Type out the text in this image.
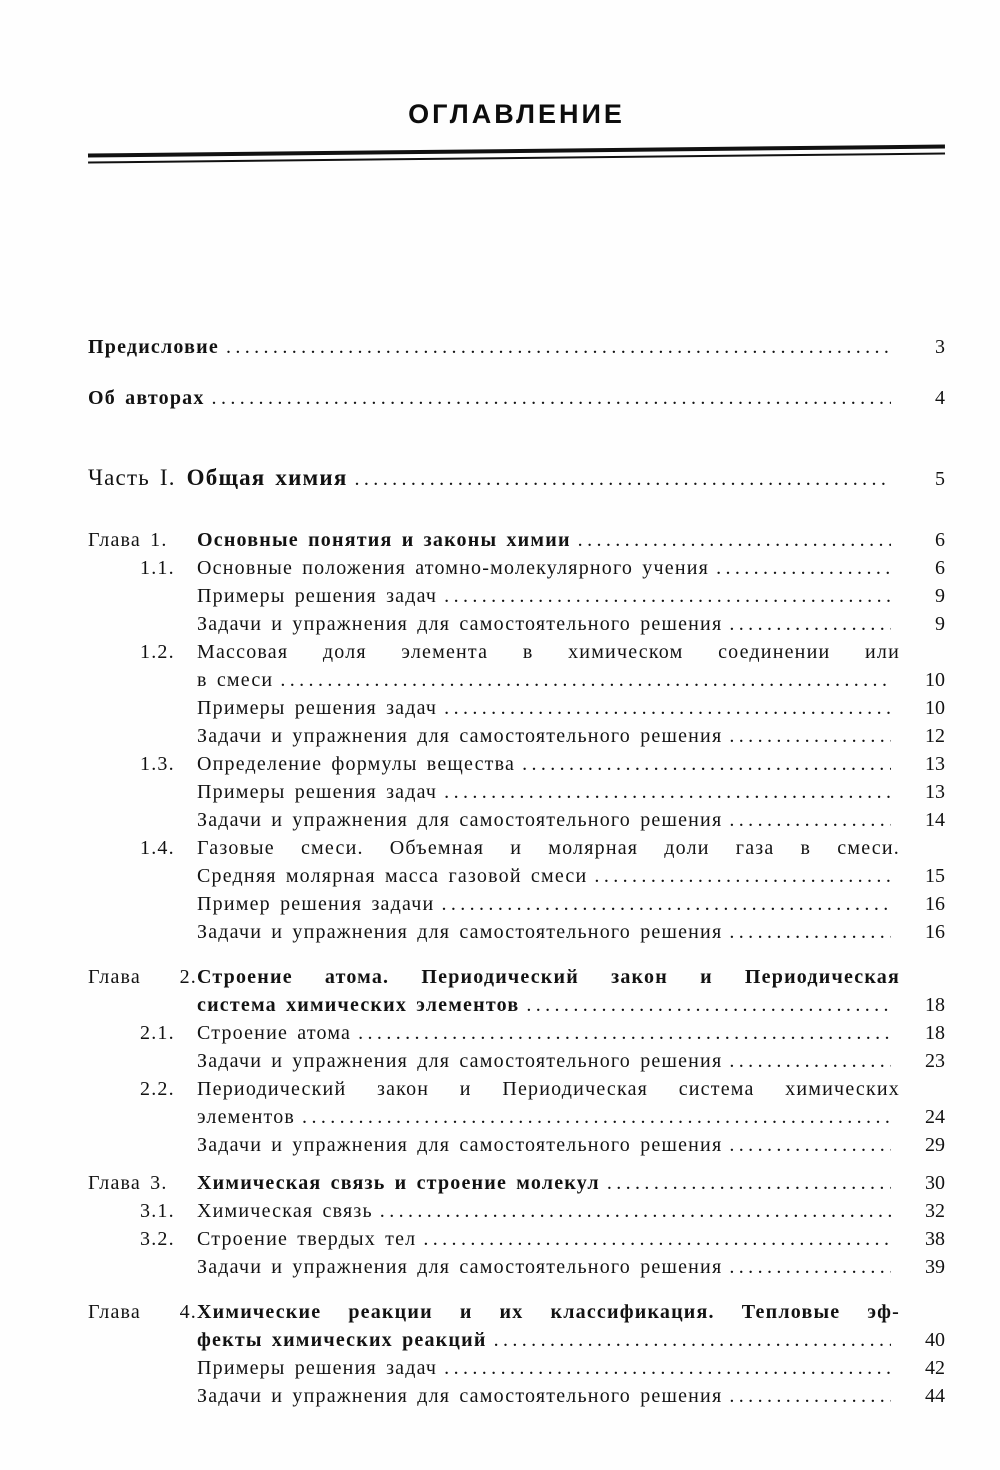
ОГЛАВЛЕНИЕ
Предисловие .....	3
Об авторах .....	4
Часть I. Общая химия .....	5
Глава 1.	Основные понятия и законы химии .....	6
1.1.	Основные положения атомно-молекулярного учения .....	6
Примеры решения задач .....	9
Задачи и упражнения для самостоятельного решения .....	9
1.2. Массовая доля элемента в химическом соединении или
в смеси .....	10
Примеры решения задач .....	10
Задачи и упражнения для самостоятельного решения .....	12
1.3.	Определение формулы вещества .....	13
Примеры решения задач .....	13
Задачи и упражнения для самостоятельного решения .....	14
1.4. Газовые смеси. Объемная и молярная доли газа в смеси.
Средняя молярная масса газовой смеси .....	15
Пример решения задачи .....	16
Задачи и упражнения для самостоятельного решения .....	16
Глава 2.Строение атома. Периодический закон и Периодическая
система химических элементов .....	18
2.1.	Строение атома .....	18
Задачи и упражнения для самостоятельного решения .....	23
2.2. Периодический закон и Периодическая система химических
элементов .....	24
Задачи и упражнения для самостоятельного решения .....	29
Глава 3.	Химическая связь и строение молекул .....	30
3.1.	Химическая связь .....	32
3.2.	Строение твердых тел .....	38
Задачи и упражнения для самостоятельного решения .....	39
Глава 4.Химические реакции и их классификация. Тепловые эф-
фекты химических реакций .....	40
Примеры решения задач .....	42
Задачи и упражнения для самостоятельного решения .....	44
